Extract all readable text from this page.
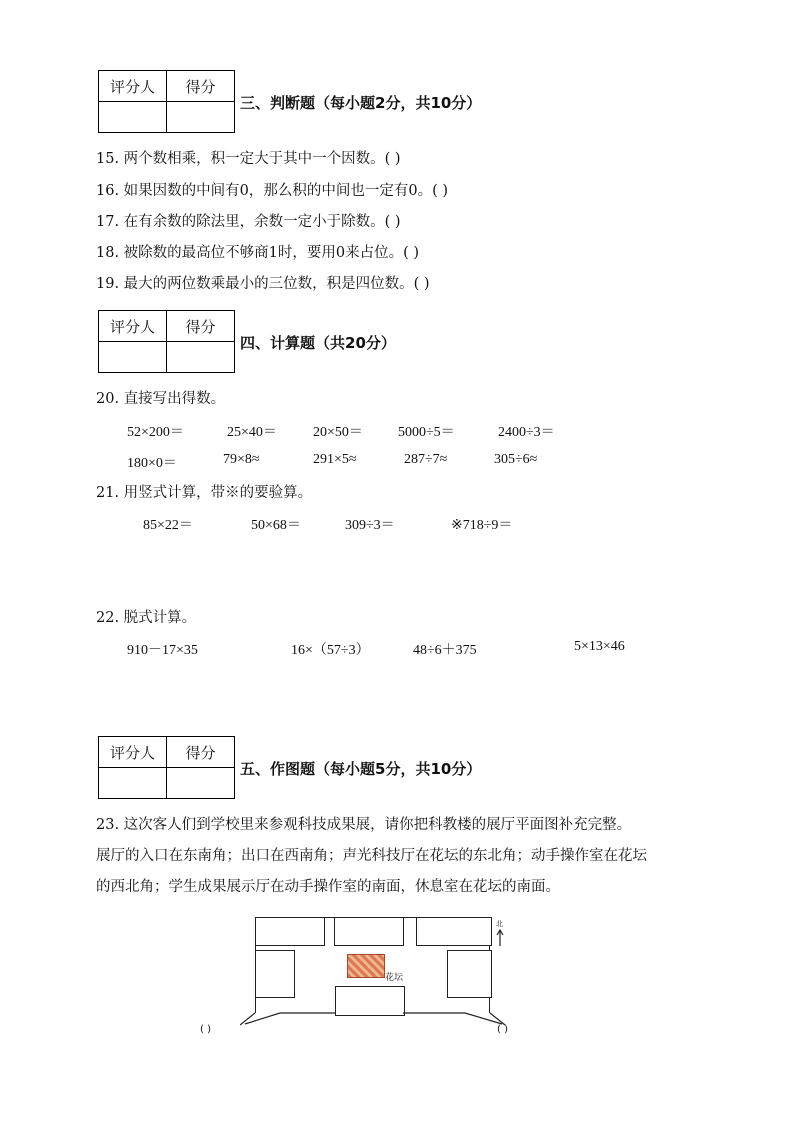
评分人	得分

三、判断题（每小题2分，共10分）
15. 两个数相乘，积一定大于其中一个因数。( )
16. 如果因数的中间有0，那么积的中间也一定有0。( )
17. 在有余数的除法里，余数一定小于除数。( )
18. 被除数的最高位不够商1时，要用0来占位。( )
19. 最大的两位数乘最小的三位数，积是四位数。( )
评分人	得分

四、计算题（共20分）
20. 直接写出得数。
52×200＝	25×40＝	20×50＝	5000÷5＝	2400÷3＝
180×0＝	79×8≈	291×5≈	287÷7≈	305÷6≈
21. 用竖式计算，带※的要验算。
85×22＝	50×68＝	309÷3＝	※718÷9＝
22. 脱式计算。
910－17×35	16×（57÷3）	48÷6＋375	5×13×46
评分人	得分

五、作图题（每小题5分，共10分）
23. 这次客人们到学校里来参观科技成果展，请你把科教楼的展厅平面图补充完整。
展厅的入口在东南角；出口在西南角；声光科技厅在花坛的东北角；动手操作室在花坛
的西北角；学生成果展示厅在动手操作室的南面，休息室在花坛的南面。
花坛
( )	( )
北
